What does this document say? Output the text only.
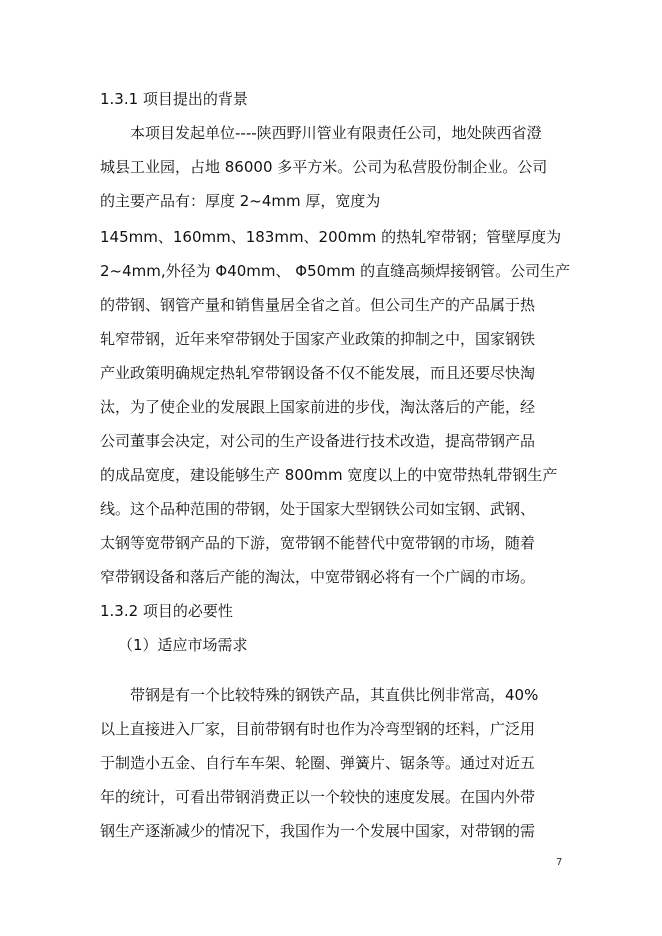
1.3.1 项目提出的背景
本项目发起单位----陕西野川管业有限责任公司，地处陕西省澄
城县工业园，占地 86000 多平方米。公司为私营股份制企业。公司
的主要产品有：厚度 2~4mm 厚，宽度为
145mm、160mm、183mm、200mm 的热轧窄带钢；管壁厚度为
2~4mm,外径为 Φ40mm、 Φ50mm 的直缝高频焊接钢管。公司生产
的带钢、钢管产量和销售量居全省之首。但公司生产的产品属于热
轧窄带钢，近年来窄带钢处于国家产业政策的抑制之中，国家钢铁
产业政策明确规定热轧窄带钢设备不仅不能发展，而且还要尽快淘
汰，为了使企业的发展跟上国家前进的步伐，淘汰落后的产能，经
公司董事会决定，对公司的生产设备进行技术改造，提高带钢产品
的成品宽度，建设能够生产 800mm 宽度以上的中宽带热轧带钢生产
线。这个品种范围的带钢，处于国家大型钢铁公司如宝钢、武钢、
太钢等宽带钢产品的下游，宽带钢不能替代中宽带钢的市场，随着
窄带钢设备和落后产能的淘汰，中宽带钢必将有一个广阔的市场。
1.3.2 项目的必要性
（1）适应市场需求
带钢是有一个比较特殊的钢铁产品，其直供比例非常高，40%
以上直接进入厂家，目前带钢有时也作为冷弯型钢的坯料，广泛用
于制造小五金、自行车车架、轮圈、弹簧片、锯条等。通过对近五
年的统计，可看出带钢消费正以一个较快的速度发展。在国内外带
钢生产逐渐减少的情况下，我国作为一个发展中国家，对带钢的需
7
